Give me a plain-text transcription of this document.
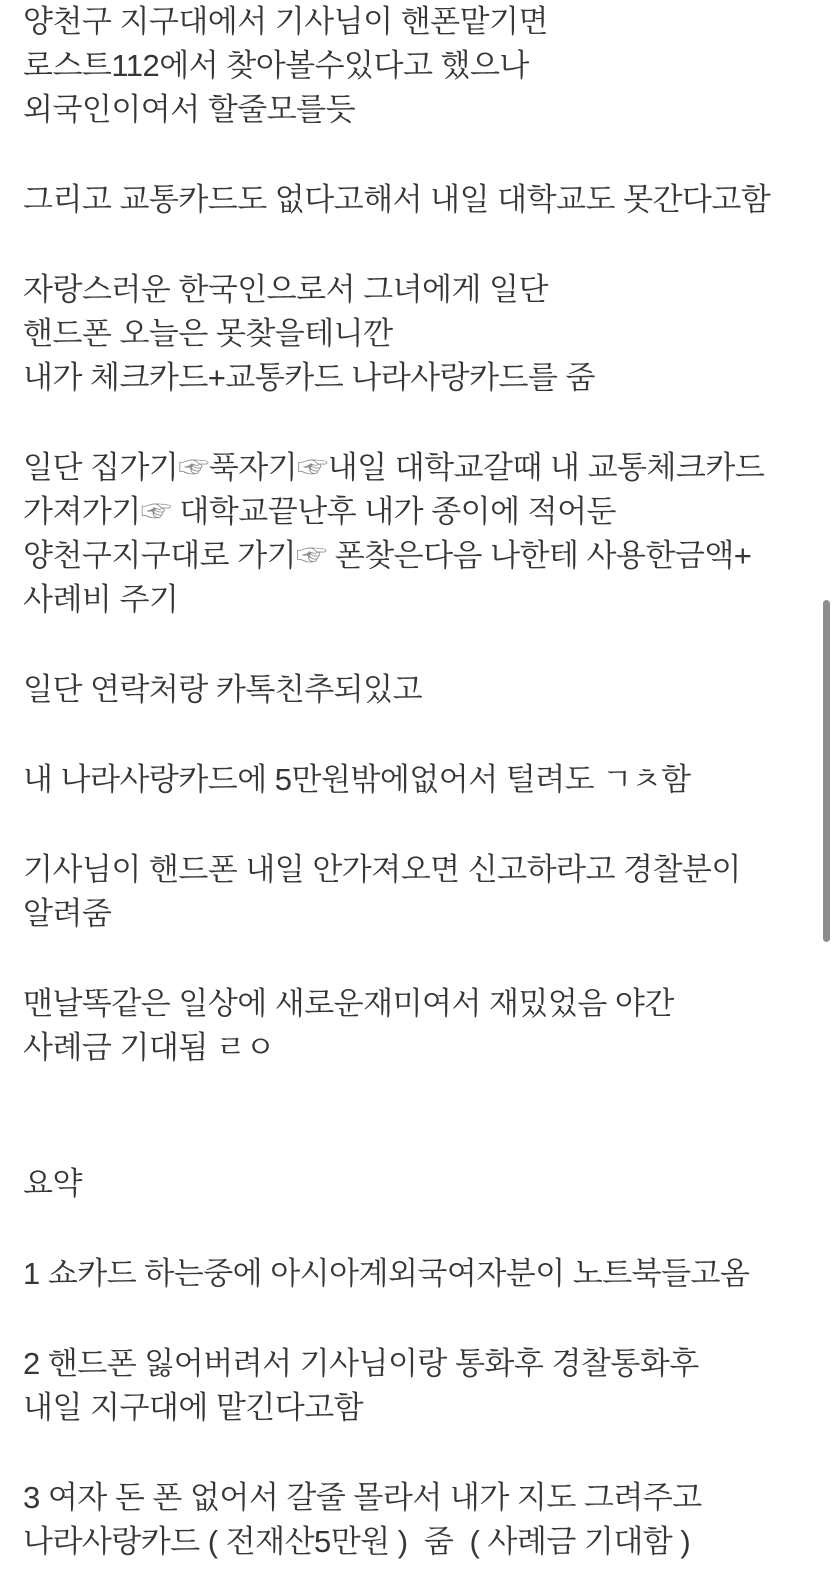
양천구 지구대에서 기사님이 핸폰맡기면
로스트112에서 찾아볼수있다고 했으나
외국인이여서 할줄모를듯
그리고 교통카드도 없다고해서 내일 대학교도 못간다고함
자랑스러운 한국인으로서 그녀에게 일단
핸드폰 오늘은 못찾을테니깐
내가 체크카드+교통카드 나라사랑카드를 줌
일단 집가기☞푹자기☞내일 대학교갈때 내 교통체크카드
가져가기☞ 대학교끝난후 내가 종이에 적어둔
양천구지구대로 가기☞ 폰찾은다음 나한테 사용한금액+
사례비 주기
일단 연락처랑 카톡친추되있고
내 나라사랑카드에 5만원밖에없어서 털려도 ㄱㅊ함
기사님이 핸드폰 내일 안가져오면 신고하라고 경찰분이
알려줌
맨날똑같은 일상에 새로운재미여서 재밌었음 야간
사례금 기대됨 ㄹㅇ
요약
1 쇼카드 하는중에 아시아계외국여자분이 노트북들고옴
2 핸드폰 잃어버려서 기사님이랑 통화후 경찰통화후
내일 지구대에 맡긴다고함
3 여자 돈 폰 없어서 갈줄 몰라서 내가 지도 그려주고
나라사랑카드 ( 전재산5만원 )  줌  ( 사례금 기대함 )
